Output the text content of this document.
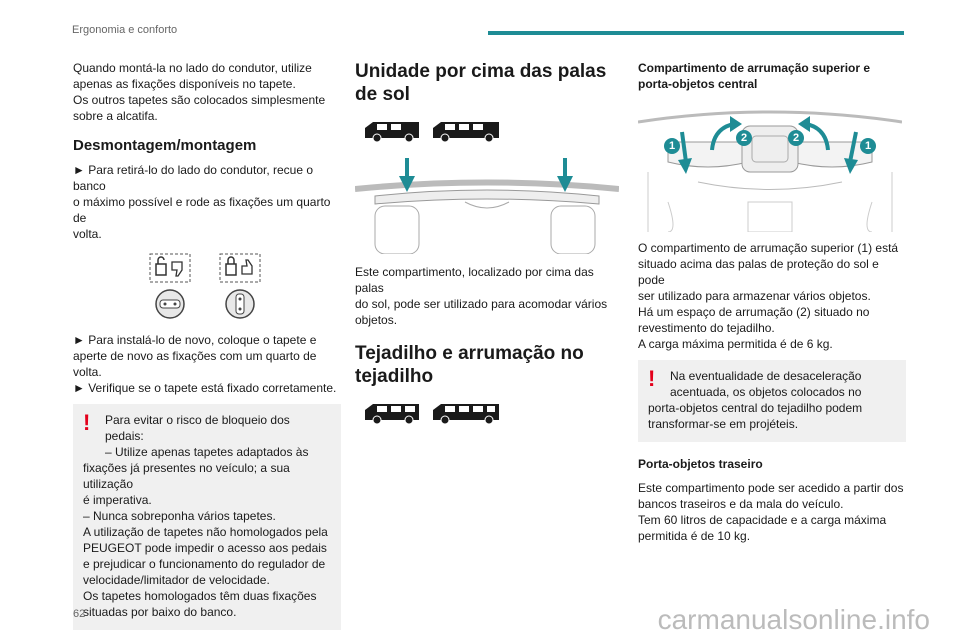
Ergonomia e conforto

Quando montá-la no lado do condutor, utilize

apenas as fixações disponíveis no tapete.

Os outros tapetes são colocados simplesmente

sobre a alcatifa.

Desmontagem/montagem

► Para retirá-lo do lado do condutor, recue o banco

o máximo possível e rode as fixações um quarto de

volta.

► Para instalá-lo de novo, coloque o tapete e

aperte de novo as fixações com um quarto de volta.

► Verifique se o tapete está fixado corretamente.

!	Para evitar o risco de bloqueio dos pedais:
– Utilize apenas tapetes adaptados às
fixações já presentes no veículo; a sua utilização
é imperativa.
– Nunca sobreponha vários tapetes.
A utilização de tapetes não homologados pela
PEUGEOT pode impedir o acesso aos pedais
e prejudicar o funcionamento do regulador de
velocidade/limitador de velocidade.
Os tapetes homologados têm duas fixações
situadas por baixo do banco.
Unidade por cima das palas
de sol

Este compartimento, localizado por cima das palas

do sol, pode ser utilizado para acomodar vários

objetos.

Tejadilho e arrumação no
tejadilho
Compartimento de arrumação superior e
porta-objetos central
1
2	2
1

O compartimento de arrumação superior (1) está

situado acima das palas de proteção do sol e pode

ser utilizado para armazenar vários objetos.

Há um espaço de arrumação (2) situado no

revestimento do tejadilho.

A carga máxima permitida é de 6 kg.

!	Na eventualidade de desaceleração
acentuada, os objetos colocados no
porta-objetos central do tejadilho podem
transformar-se em projéteis.
Porta-objetos traseiro

Este compartimento pode ser acedido a partir dos

bancos traseiros e da mala do veículo.

Tem 60 litros de capacidade e a carga máxima

permitida é de 10 kg.

62	carmanualsonline.info
